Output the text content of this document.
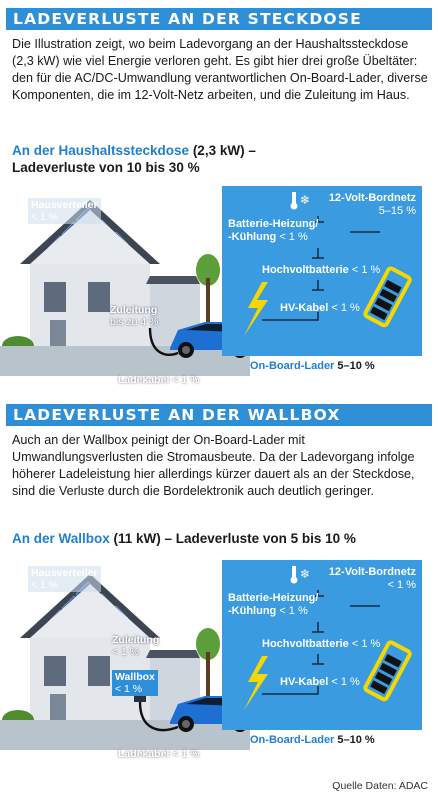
LADEVERLUSTE AN DER STECKDOSE
Die Illustration zeigt, wo beim Ladevorgang an der Haushaltssteckdose (2,3 kW) wie viel Energie verloren geht. Es gibt hier drei große Übeltäter: den für die AC/DC-Umwandlung verantwortlichen On-Board-Lader, diverse Komponenten, die im 12-Volt-Netz arbeiten, und die Zuleitung im Haus.
An der Haushaltssteckdose (2,3 kW) –
Ladeverluste von 10 bis 30 %
❄
Hausverteiler
< 1 %
Zuleitung
bis zu 4 %
Ladekabel < 1 %
12-Volt-Bordnetz
5–15 %
Batterie-Heizung/
-Kühlung < 1 %
Hochvoltbatterie < 1 %
HV-Kabel < 1 %
On-Board-Lader 5–10 %
LADEVERLUSTE AN DER WALLBOX
Auch an der Wallbox peinigt der On-Board-Lader mit Umwandlungsverlusten die Stromausbeute. Da der Ladevorgang infolge höherer Ladeleistung hier allerdings kürzer dauert als an der Steckdose, sind die Verluste durch die Bordelektronik auch deutlich geringer.
An der Wallbox (11 kW) – Ladeverluste von 5 bis 10 %
❄
Hausverteiler
< 1 %
Zuleitung
< 1 %
Wallbox
< 1 %
Ladekabel < 1 %
12-Volt-Bordnetz
< 1 %
Batterie-Heizung/
-Kühlung < 1 %
Hochvoltbatterie < 1 %
HV-Kabel < 1 %
On-Board-Lader 5–10 %
Quelle Daten: ADAC
